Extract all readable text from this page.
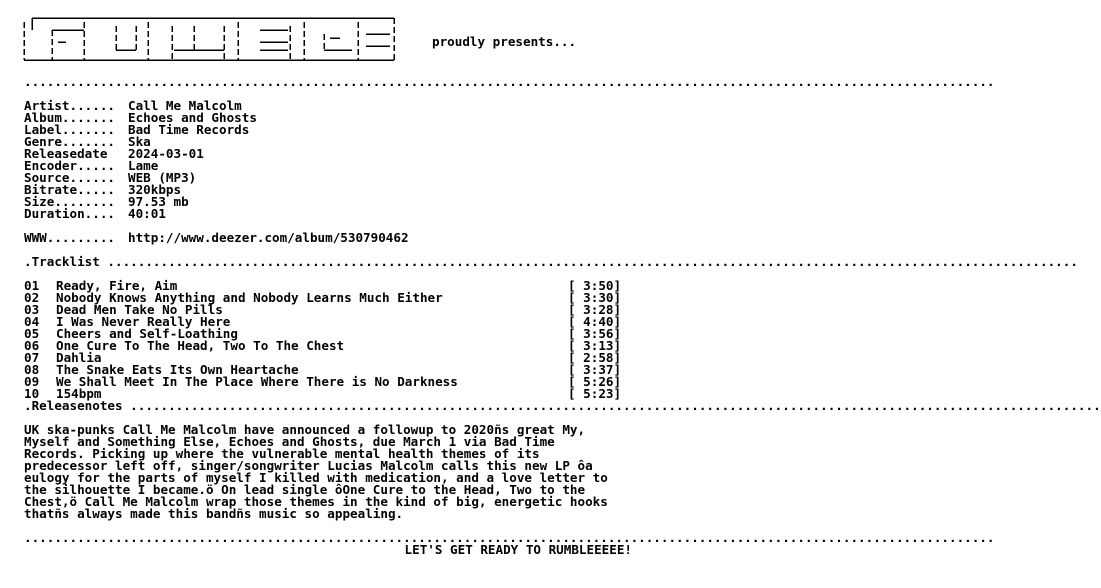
proudly presents...
................................................................................................................................
Artist......	Call Me Malcolm
Album.......	Echoes and Ghosts
Label.......	Bad Time Records
Genre.......	Ska
Releasedate	2024-03-01
Encoder.....	Lame
Source......	WEB (MP3)
Bitrate.....	320kbps
Size........	97.53 mb
Duration....	40:01
WWW.........	http://www.deezer.com/album/530790462
.Tracklist
................................................................................................................................
01	Ready, Fire, Aim	[ 3:50]
02	Nobody Knows Anything and Nobody Learns Much Either	[ 3:30]
03	Dead Men Take No Pills	[ 3:28]
04	I Was Never Really Here	[ 4:40]
05	Cheers and Self-Loathing	[ 3:56]
06	One Cure To The Head, Two To The Chest	[ 3:13]
07	Dahlia	[ 2:58]
08	The Snake Eats Its Own Heartache	[ 3:37]
09	We Shall Meet In The Place Where There is No Darkness	[ 5:26]
10	154bpm	[ 5:23]
.Releasenotes
................................................................................................................................
UK ska-punks Call Me Malcolm have announced a followup to 2020ñs great My,
Myself and Something Else, Echoes and Ghosts, due March 1 via Bad Time
Records. Picking up where the vulnerable mental health themes of its
predecessor left off, singer/songwriter Lucias Malcolm calls this new LP ôa
eulogy for the parts of myself I killed with medication, and a love letter to
the silhouette I became.ö On lead single ôOne Cure to the Head, Two to the
Chest,ö Call Me Malcolm wrap those themes in the kind of big, energetic hooks
thatñs always made this bandñs music so appealing.
................................................................................................................................
LET'S GET READY TO RUMBLEEEEE!
